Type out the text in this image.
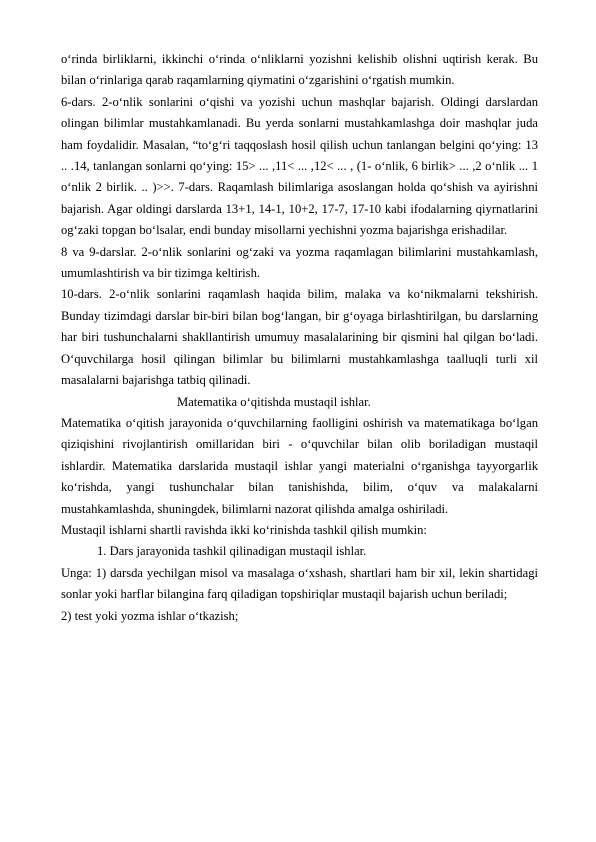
o‘rinda birliklarni, ikkinchi o‘rinda o‘nliklarni yozishni kelishib olishni uqtirish kerak. Bu bilan o‘rinlariga qarab raqamlarning qiymatini o‘zgarishini o‘rgatish mumkin.

6-dars. 2-o‘nlik sonlarini o‘qishi va yozishi uchun mashqlar bajarish. Oldingi darslardan olingan bilimlar mustahkamlanadi. Bu yerda sonlarni mustahkamlashga doir mashqlar juda ham foydalidir. Masalan, “to‘g‘ri taqqoslash hosil qilish uchun tanlangan belgini qo‘ying: 13 .. .14, tanlangan sonlarni qo‘ying: 15> ... ,11< ... ,12< ... , (1- o‘nlik, 6 birlik> ... ,2 o‘nlik ... 1 o‘nlik 2 birlik. .. )>>. 7-dars. Raqamlash bilimlariga asoslangan holda qo‘shish va ayirishni bajarish. Agar oldingi darslarda 13+1, 14-1, 10+2, 17-7, 17-10 kabi ifodalarning qiyrnatlarini og‘zaki topgan bo‘lsalar, endi bunday misollarni yechishni yozma bajarishga erishadilar.

8 va 9-darslar. 2-o‘nlik sonlarini og‘zaki va yozma raqamlagan bilimlarini mustahkamlash, umumlashtirish va bir tizimga keltirish.

10-dars. 2-o‘nlik sonlarini raqamlash haqida bilim, malaka va ko‘nikmalarni tekshirish. Bunday tizimdagi darslar bir-biri bilan bog‘langan, bir g‘oyaga birlashtirilgan, bu darslarning har biri tushunchalarni shakllantirish umumuy masalalarining bir qismini hal qilgan bo‘ladi. O‘quvchilarga hosil qilingan bilimlar bu bilimlarni mustahkamlashga taalluqli turli xil masalalarni bajarishga tatbiq qilinadi.

Matematika o‘qitishda mustaqil ishlar.

Matematika o‘qitish jarayonida o‘quvchilarning faolligini oshirish va matematikaga bo‘lgan qiziqishini rivojlantirish omillaridan biri - o‘quvchilar bilan olib boriladigan mustaqil ishlardir. Matematika darslarida mustaqil ishlar yangi materialni o‘rganishga tayyorgarlik ko‘rishda, yangi tushunchalar bilan tanishishda, bilim, o‘quv va malakalarni mustahkamlashda, shuningdek, bilimlarni nazorat qilishda amalga oshiriladi.

Mustaqil ishlarni shartli ravishda ikki ko‘rinishda tashkil qilish mumkin:

1. Dars jarayonida tashkil qilinadigan mustaqil ishlar.

Unga: 1) darsda yechilgan misol va masalaga o‘xshash, shartlari ham bir xil, lekin shartidagi sonlar yoki harflar bilangina farq qiladigan topshiriqlar mustaqil bajarish uchun beriladi;

2) test yoki yozma ishlar o‘tkazish;
